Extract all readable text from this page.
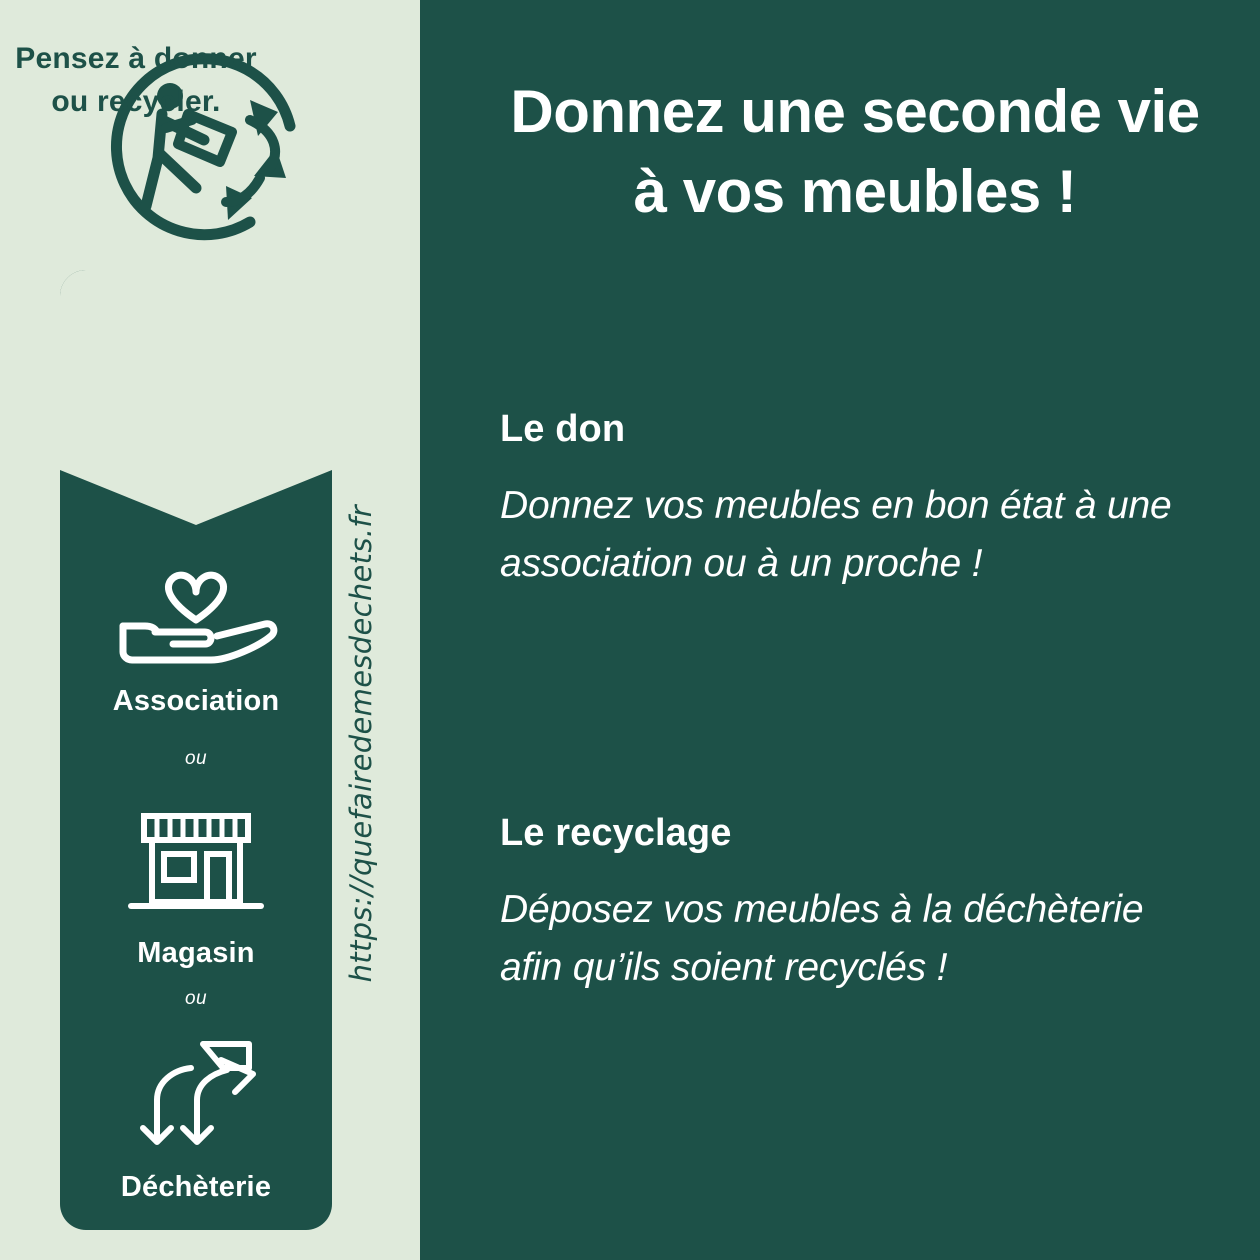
Pensez à donner ou recycler.
Association
ou
Magasin
ou
Déchèterie
https://quefairedemesdechets.fr
Donnez une seconde vie
à vos meubles !
Le don

Donnez vos meubles en bon état à une association ou à un proche !

Le recyclage

Déposez vos meubles à la déchèterie afin qu’ils soient recyclés !
